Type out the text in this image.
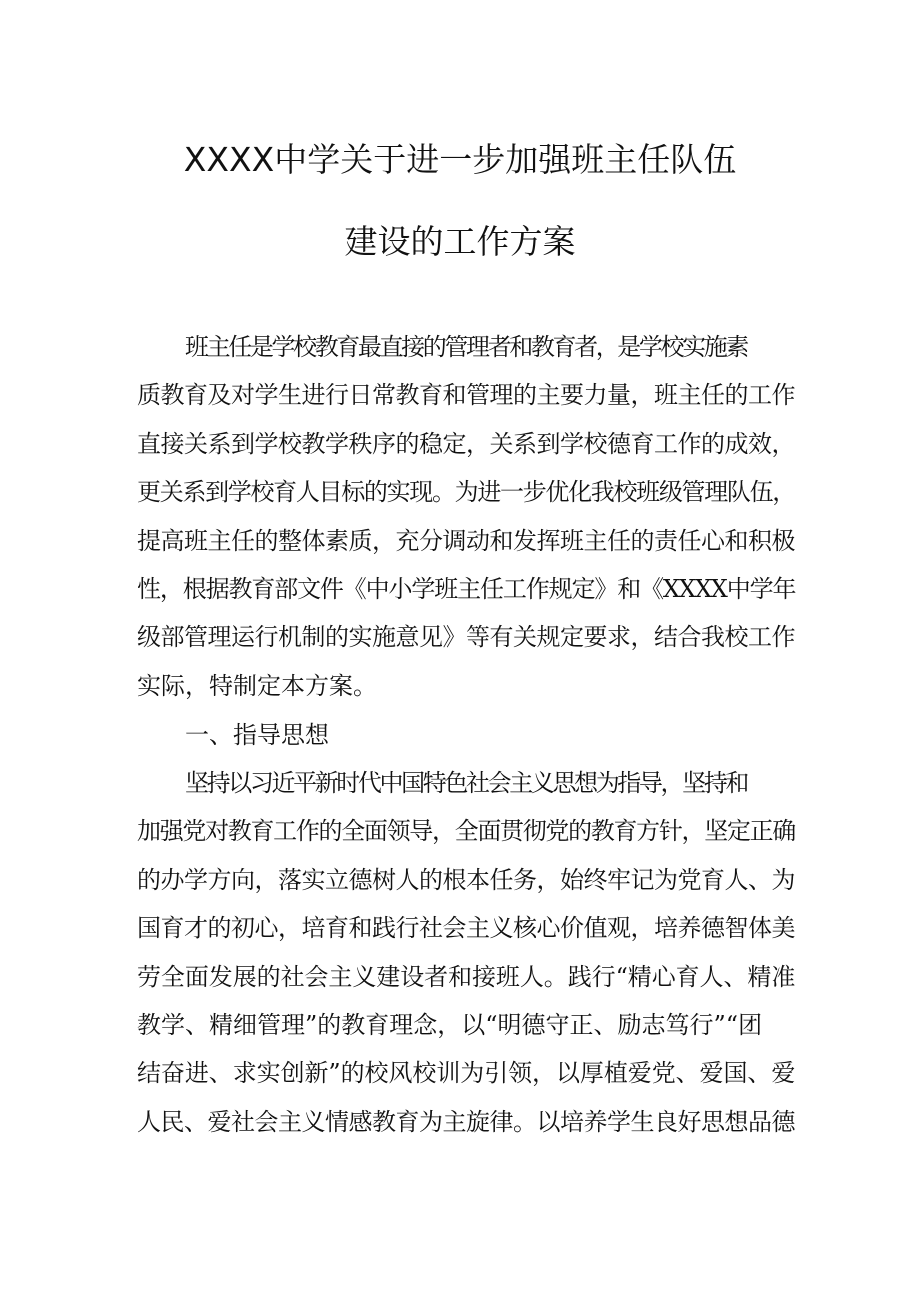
XXXX中学关于进一步加强班主任队伍
建设的工作方案

班主任是学校教育最直接的管理者和教育者，是学校实施素
质教育及对学生进行日常教育和管理的主要力量，班主任的工作
直接关系到学校教学秩序的稳定，关系到学校德育工作的成效，
更关系到学校育人目标的实现。为进一步优化我校班级管理队伍，
提高班主任的整体素质，充分调动和发挥班主任的责任心和积极
性，根据教育部文件《中小学班主任工作规定》和《XXXX中学年
级部管理运行机制的实施意见》等有关规定要求，结合我校工作
实际，特制定本方案。

一、指导思想

坚持以习近平新时代中国特色社会主义思想为指导，坚持和
加强党对教育工作的全面领导，全面贯彻党的教育方针，坚定正确
的办学方向，落实立德树人的根本任务，始终牢记为党育人、为
国育才的初心，培育和践行社会主义核心价值观，培养德智体美
劳全面发展的社会主义建设者和接班人。践行“精心育人、精准
教学、精细管理”的教育理念，以“明德守正、励志笃行”“团
结奋进、求实创新”的校风校训为引领，以厚植爱党、爱国、爱
人民、爱社会主义情感教育为主旋律。以培养学生良好思想品德
